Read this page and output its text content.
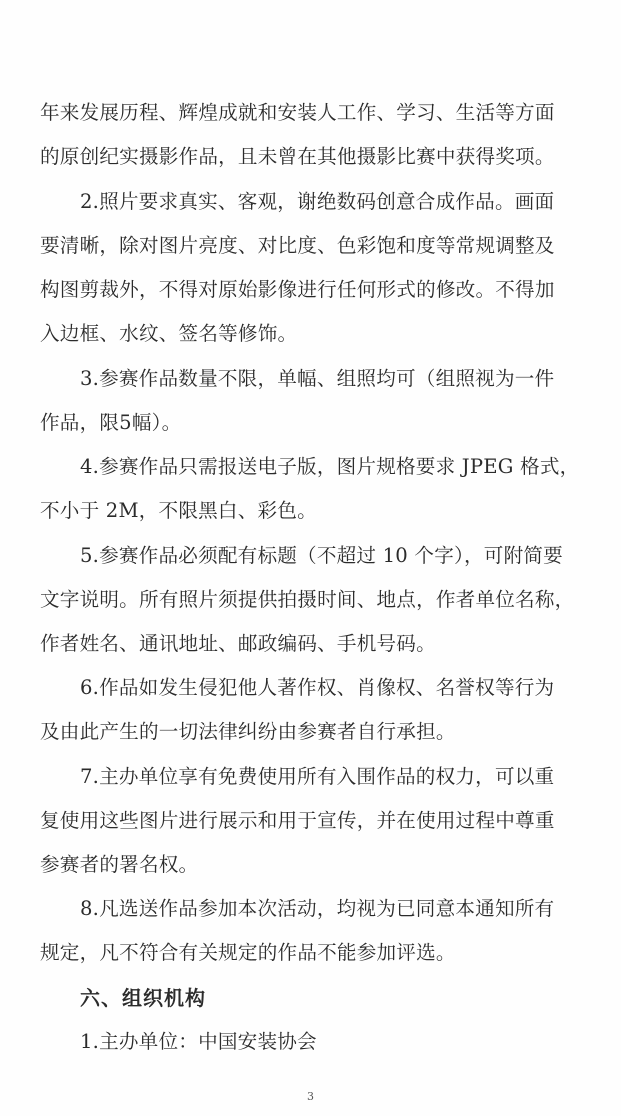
年来发展历程、辉煌成就和安装人工作、学习、生活等方面
的原创纪实摄影作品，且未曾在其他摄影比赛中获得奖项。
2.照片要求真实、客观，谢绝数码创意合成作品。画面
要清晰，除对图片亮度、对比度、色彩饱和度等常规调整及
构图剪裁外，不得对原始影像进行任何形式的修改。不得加
入边框、水纹、签名等修饰。
3.参赛作品数量不限，单幅、组照均可（组照视为一件
作品，限5幅）。
4.参赛作品只需报送电子版，图片规格要求 JPEG 格式，
不小于 2M，不限黑白、彩色。
5.参赛作品必须配有标题（不超过 10 个字），可附简要
文字说明。所有照片须提供拍摄时间、地点，作者单位名称，
作者姓名、通讯地址、邮政编码、手机号码。
6.作品如发生侵犯他人著作权、肖像权、名誉权等行为
及由此产生的一切法律纠纷由参赛者自行承担。
7.主办单位享有免费使用所有入围作品的权力，可以重
复使用这些图片进行展示和用于宣传，并在使用过程中尊重
参赛者的署名权。
8.凡选送作品参加本次活动，均视为已同意本通知所有
规定，凡不符合有关规定的作品不能参加评选。
六、组织机构
1.主办单位：中国安装协会
3
